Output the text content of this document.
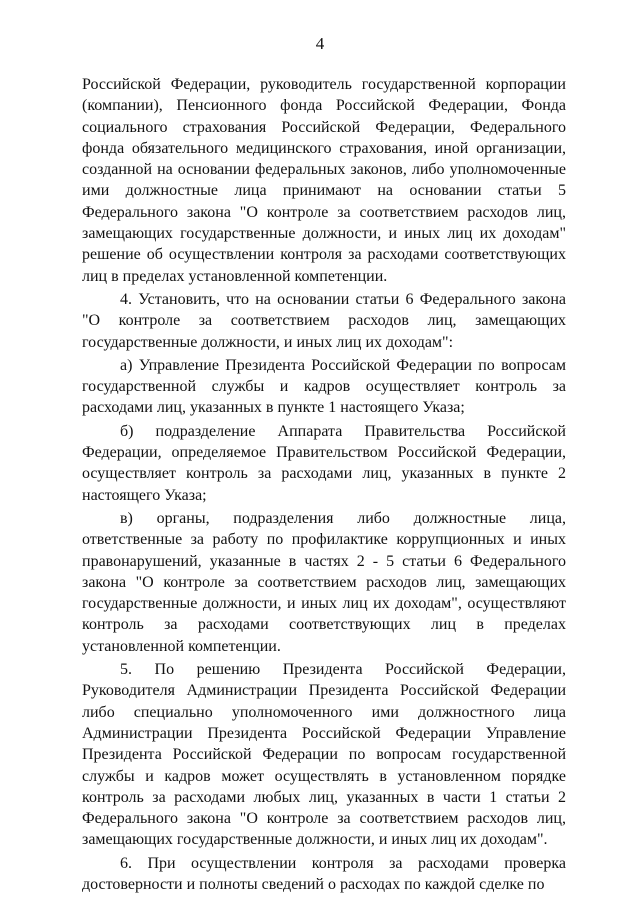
4
Российской Федерации, руководитель государственной корпорации
(компании), Пенсионного фонда Российской Федерации, Фонда
социального страхования Российской Федерации, Федерального
фонда обязательного медицинского страхования, иной организации,
созданной на основании федеральных законов, либо уполномоченные
ими должностные лица принимают на основании статьи 5
Федерального закона "О контроле за соответствием расходов лиц,
замещающих государственные должности, и иных лиц их доходам"
решение об осуществлении контроля за расходами соответствующих
лиц в пределах установленной компетенции.
4. Установить, что на основании статьи 6 Федерального закона
"О контроле за соответствием расходов лиц, замещающих
государственные должности, и иных лиц их доходам":
а) Управление Президента Российской Федерации по вопросам
государственной службы и кадров осуществляет контроль за
расходами лиц, указанных в пункте 1 настоящего Указа;
б) подразделение Аппарата Правительства Российской
Федерации, определяемое Правительством Российской Федерации,
осуществляет контроль за расходами лиц, указанных в пункте 2
настоящего Указа;
в) органы, подразделения либо должностные лица,
ответственные за работу по профилактике коррупционных и иных
правонарушений, указанные в частях 2 - 5 статьи 6 Федерального
закона "О контроле за соответствием расходов лиц, замещающих
государственные должности, и иных лиц их доходам", осуществляют
контроль за расходами соответствующих лиц в пределах
установленной компетенции.
5. По решению Президента Российской Федерации,
Руководителя Администрации Президента Российской Федерации
либо специально уполномоченного ими должностного лица
Администрации Президента Российской Федерации Управление
Президента Российской Федерации по вопросам государственной
службы и кадров может осуществлять в установленном порядке
контроль за расходами любых лиц, указанных в части 1 статьи 2
Федерального закона "О контроле за соответствием расходов лиц,
замещающих государственные должности, и иных лиц их доходам".
6. При осуществлении контроля за расходами проверка
достоверности и полноты сведений о расходах по каждой сделке по
